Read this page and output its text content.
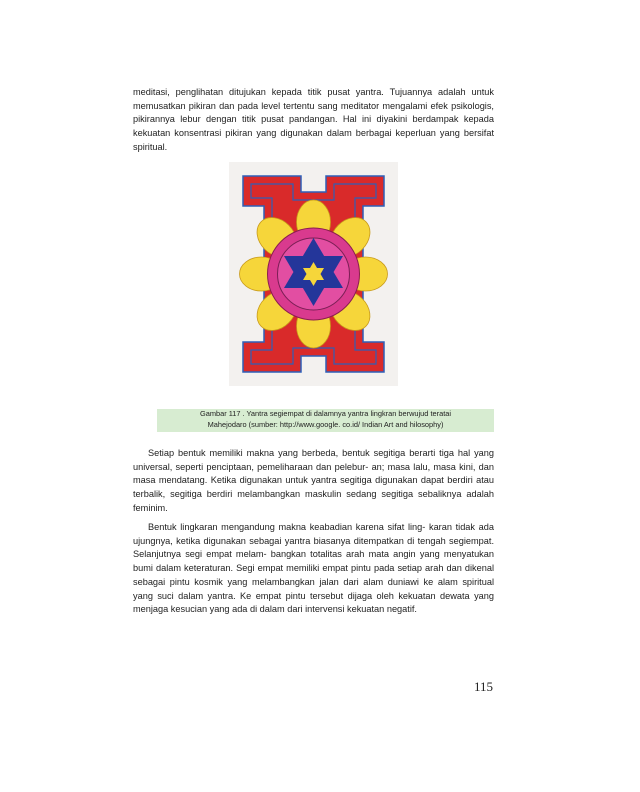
meditasi, penglihatan ditujukan kepada titik pusat yantra. Tujuannya adalah untuk memusatkan pikiran dan pada level tertentu sang meditator mengalami efek psikologis, pikirannya lebur dengan titik pusat pandangan. Hal ini diyakini berdampak kepada kekuatan konsentrasi pikiran yang digunakan dalam berbagai keperluan yang bersifat spiritual.

Gambar 117 . Yantra segiempat di dalamnya yantra lingkran berwujud teratai
Mahejodaro (sumber: http://www.google. co.id/ Indian Art and hilosophy)

Setiap bentuk memiliki makna yang berbeda, bentuk segitiga berarti tiga hal yang universal, seperti penciptaan, pemeliharaan dan pelebur- an; masa lalu, masa kini, dan masa mendatang. Ketika digunakan untuk yantra segitiga digunakan dapat berdiri atau terbalik, segitiga berdiri melambangkan maskulin sedang segitiga sebaliknya adalah feminim.

Bentuk lingkaran mengandung makna keabadian karena sifat ling- karan tidak ada ujungnya, ketika digunakan sebagai yantra biasanya ditempatkan di tengah segiempat. Selanjutnya segi empat melam- bangkan totalitas arah mata angin yang menyatukan bumi dalam keteraturan. Segi empat memiliki empat pintu pada setiap arah dan dikenal sebagai pintu kosmik yang melambangkan jalan dari alam duniawi ke alam spiritual yang suci dalam yantra. Ke empat pintu tersebut dijaga oleh kekuatan dewata yang menjaga kesucian yang ada di dalam dari intervensi kekuatan negatif.

115
